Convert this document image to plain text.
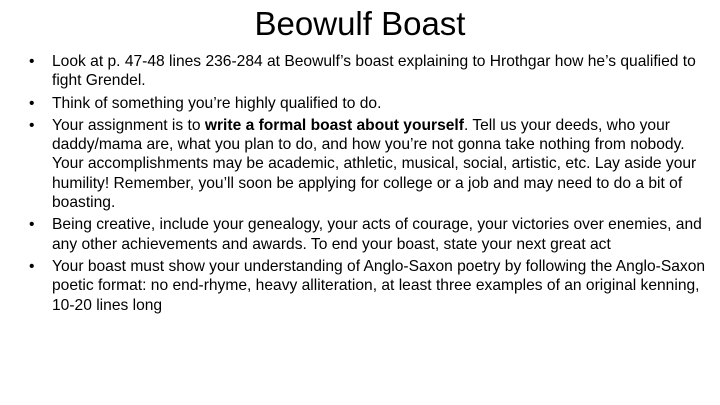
Beowulf Boast
• Look at p. 47-48 lines 236-284 at Beowulf’s boast explaining to Hrothgar how he’s qualified to fight Grendel.
• Think of something you’re highly qualified to do.
• Your assignment is to write a formal boast about yourself. Tell us your deeds, who your daddy/mama are, what you plan to do, and how you’re not gonna take nothing from nobody. Your accomplishments may be academic, athletic, musical, social, artistic, etc. Lay aside your humility! Remember, you’ll soon be applying for college or a job and may need to do a bit of boasting.
• Being creative, include your genealogy, your acts of courage, your victories over enemies, and any other achievements and awards. To end your boast, state your next great act
• Your boast must show your understanding of Anglo-Saxon poetry by following the Anglo-Saxon poetic format: no end-rhyme, heavy alliteration, at least three examples of an original kenning, 10-20 lines long
